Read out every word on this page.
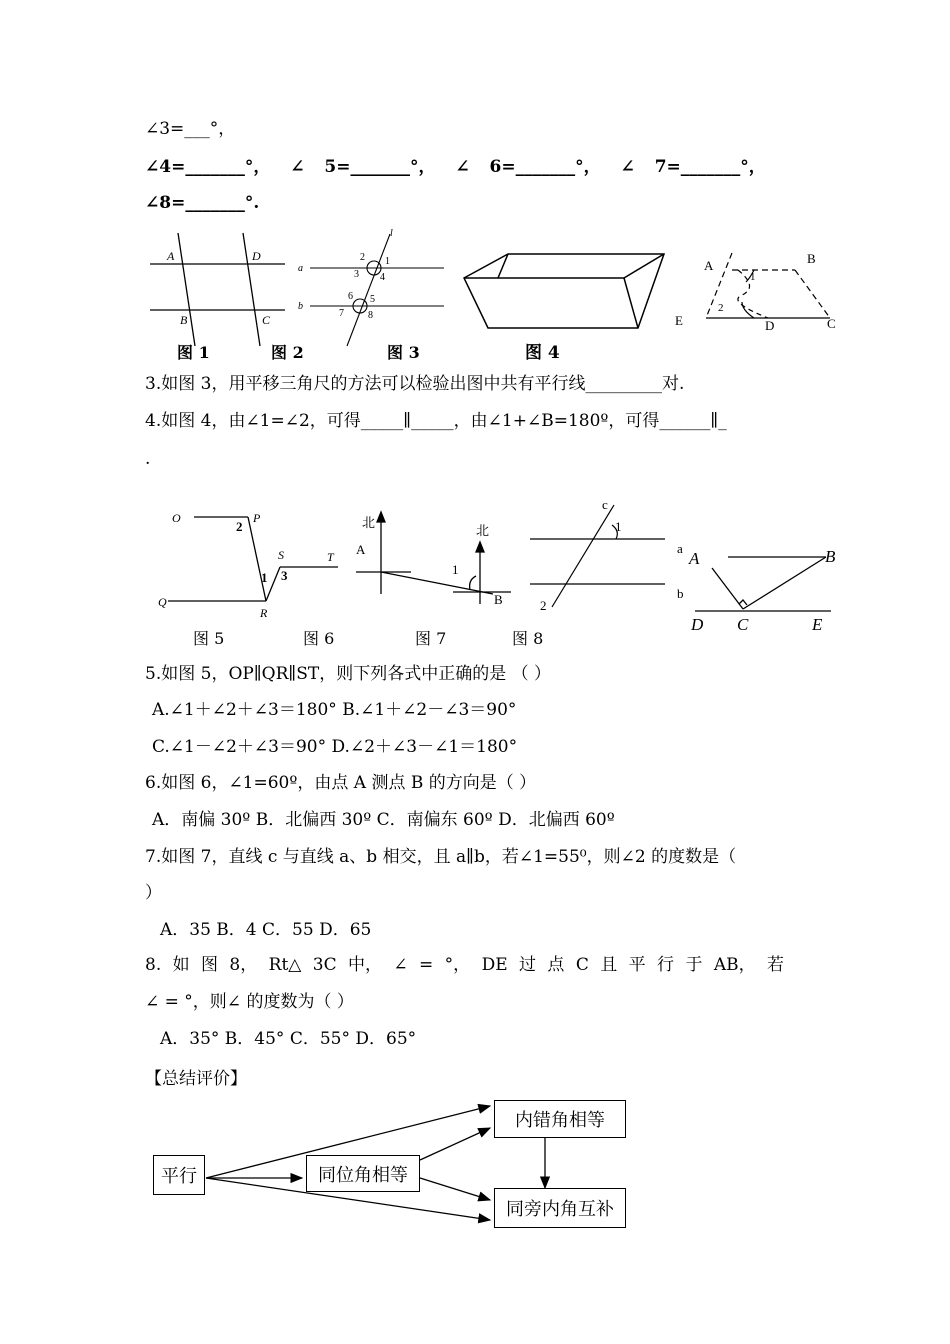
∠3=___°，
∠4=_______°， ∠ 5=_______°， ∠ 6=_______°， ∠ 7=_______°，
∠8=_______°.
A	D
B	C
图 1
l
a
b
1
2
3 4
5
6
7 8
图 2	图 3	图 4
A	B
E	D	C
1
2
3.如图 3，用平移三角尺的方法可以检验出图中共有平行线_________对.
4.如图 4，由∠1=∠2，可得_____∥_____，由∠1+∠B=180º，可得______∥_
.
O	P
Q
R
S	T
1
2
3
图 5
北
北
A
B
1
图 6	图 7
c
a
b
1
2
图 8
A	B
D C	E
5.如图 5，OP∥QR∥ST，则下列各式中正确的是 （ ）
A.∠1＋∠2＋∠3＝180° B.∠1＋∠2－∠3＝90°
C.∠1－∠2＋∠3＝90° D.∠2＋∠3－∠1＝180°
6.如图 6，∠1=60º，由点 A 测点 B 的方向是（ ）
A．南偏 30º B．北偏西 30º C．南偏东 60º D．北偏西 60º
7.如图 7，直线 c 与直线 a、b 相交，且 a∥b，若∠1=55⁰，则∠2 的度数是（
）
A．35 B．4 C．55 D．65
8. 如 图 8， Rt△ 3C 中， ∠ = °， DE 过 点 C 且 平 行 于 AB， 若
∠ = °，则∠ 的度数为（ ）
A．35° B．45° C．55° D．65°
【总结评价】
平行	同位角相等
内错角相等
同旁内角互补
